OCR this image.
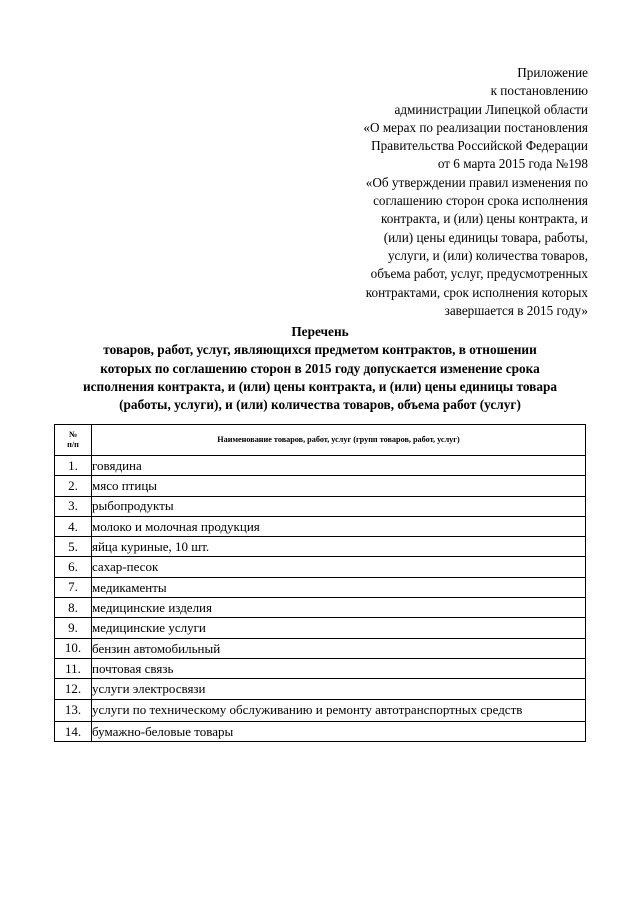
Приложение
к постановлению
администрации Липецкой области
«О мерах по реализации постановления
Правительства Российской Федерации
от 6 марта 2015 года №198
«Об утверждении правил изменения по
соглашению сторон срока исполнения
контракта, и (или) цены контракта, и
(или) цены единицы товара, работы,
услуги, и (или) количества товаров,
объема работ, услуг, предусмотренных
контрактами, срок исполнения которых
завершается в 2015 году»
Перечень
товаров, работ, услуг, являющихся предметом контрактов, в отношении
которых по соглашению сторон в 2015 году допускается изменение срока
исполнения контракта, и (или) цены контракта, и (или) цены единицы товара
(работы, услуги), и (или) количества товаров, объема работ (услуг)
№
п/п	Наименование товаров, работ, услуг (групп товаров, работ, услуг)
1.	говядина
2.	мясо птицы
3.	рыбопродукты
4.	молоко и молочная продукция
5.	яйца куриные, 10 шт.
6.	сахар-песок
7.	медикаменты
8.	медицинские изделия
9.	медицинские услуги
10.	бензин автомобильный
11.	почтовая связь
12.	услуги электросвязи
13.	услуги по техническому обслуживанию и ремонту автотранспортных средств
14.	бумажно-беловые товары
